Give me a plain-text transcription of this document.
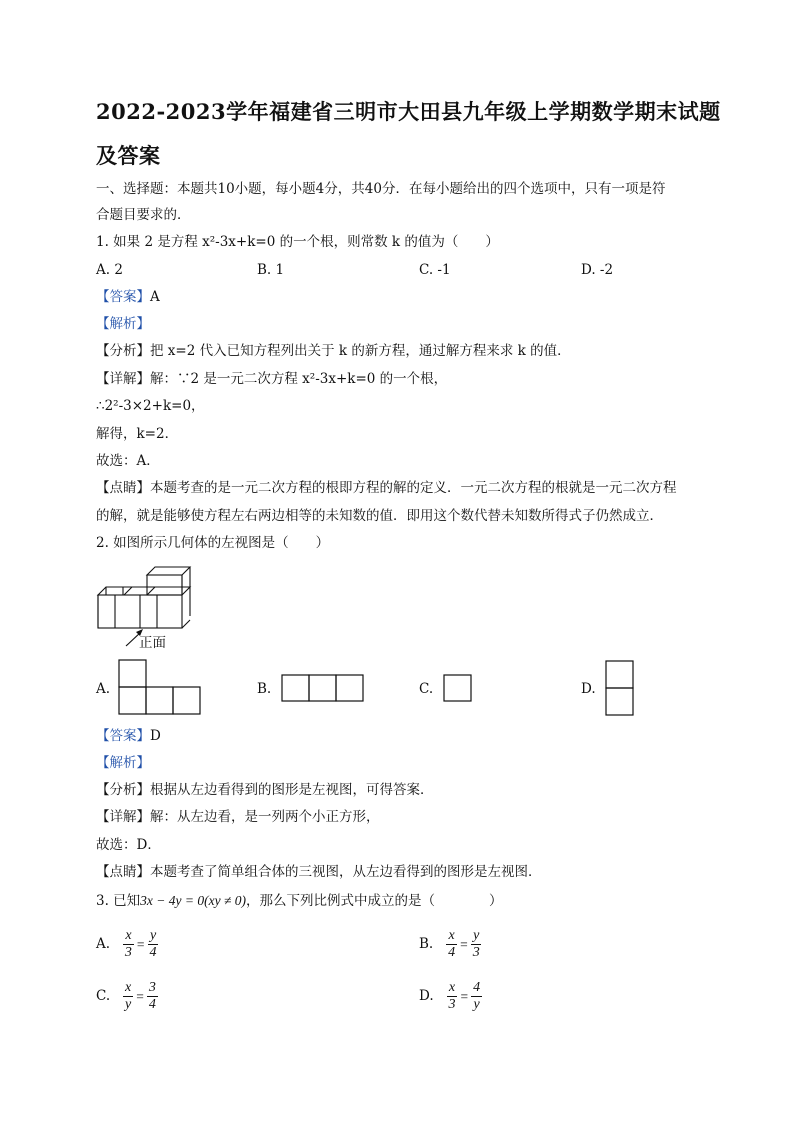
2022-2023学年福建省三明市大田县九年级上学期数学期末试题
及答案
一、选择题：本题共10小题，每小题4分，共40分．在每小题给出的四个选项中，只有一项是符
合题目要求的．
1. 如果 2 是方程 x²-3x+k=0 的一个根，则常数 k 的值为（　　）
A. 2	B. 1	C. -1	D. -2
【答案】A
【解析】
【分析】把 x=2 代入已知方程列出关于 k 的新方程，通过解方程来求 k 的值．
【详解】解：∵2 是一元二次方程 x²-3x+k=0 的一个根，
∴2²-3×2+k=0，
解得，k=2．
故选：A．
【点睛】本题考查的是一元二次方程的根即方程的解的定义．一元二次方程的根就是一元二次方程
的解，就是能够使方程左右两边相等的未知数的值．即用这个数代替未知数所得式子仍然成立．
2. 如图所示几何体的左视图是（　　）
正面
A.	B.	C.	D.
【答案】D
【解析】
【分析】根据从左边看得到的图形是左视图，可得答案．
【详解】解：从左边看，是一列两个小正方形，
故选：D．
【点睛】本题考查了简单组合体的三视图，从左边看得到的图形是左视图．
3. 已知3x − 4y = 0(xy ≠ 0)，那么下列比例式中成立的是（　　　　）
A. $\frac{x}{3} = \frac{y}{4}$	B. $\frac{x}{4} = \frac{y}{3}$
C. $\frac{x}{y} = \frac{3}{4}$	D. $\frac{x}{3} = \frac{4}{y}$
